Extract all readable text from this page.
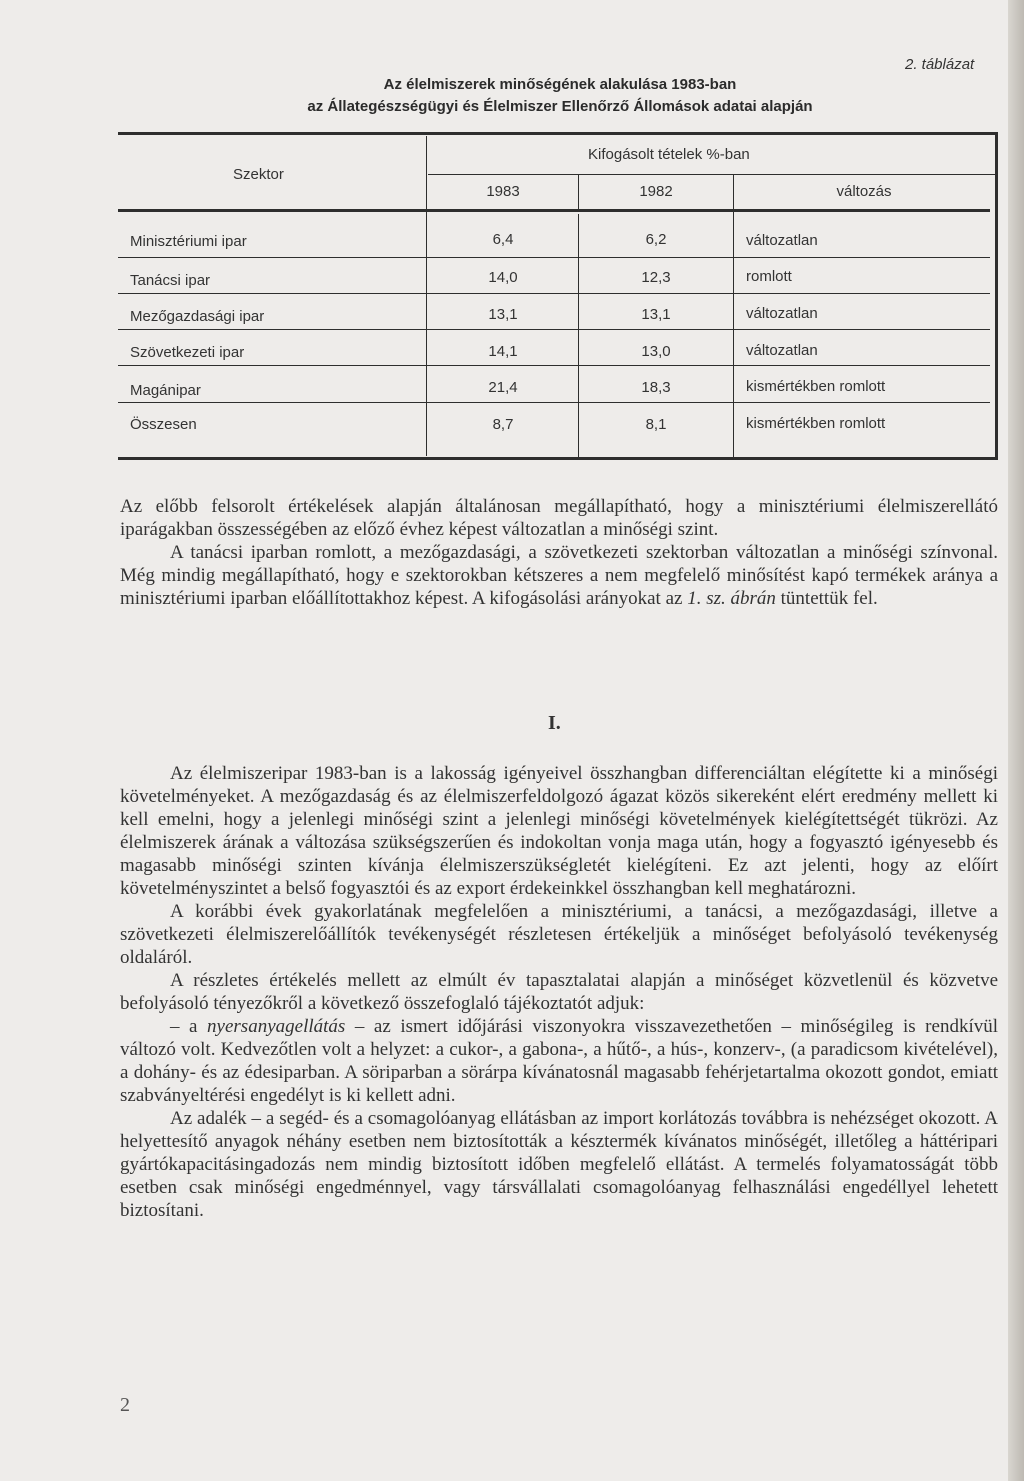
2. táblázat
Az élelmiszerek minőségének alakulása 1983-ban
az Állategészségügyi és Élelmiszer Ellenőrző Állomások adatai alapján
Szektor
Kifogásolt tételek %-ban
1983	1982	változás
Minisztériumi ipar	6,4	6,2	változatlan
Tanácsi ipar	14,0	12,3	romlott
Mezőgazdasági ipar	13,1	13,1	változatlan
Szövetkezeti ipar	14,1	13,0	változatlan
Magánipar	21,4	18,3	kismértékben romlott
Összesen	8,7	8,1	kismértékben romlott

Az előbb felsorolt értékelések alapján általánosan megállapítható, hogy a minisztériumi élelmiszerellátó iparágakban összességében az előző évhez képest változatlan a minőségi szint.

A tanácsi iparban romlott, a mezőgazdasági, a szövetkezeti szektorban változatlan a minőségi színvonal. Még mindig megállapítható, hogy e szektorokban kétszeres a nem megfelelő minősítést kapó termékek aránya a minisztériumi iparban előállítottakhoz képest. A kifogásolási arányokat az 1. sz. ábrán tüntettük fel.

I.

Az élelmiszeripar 1983-ban is a lakosság igényeivel összhangban differenciáltan elégítette ki a minőségi követelményeket. A mezőgazdaság és az élelmiszerfeldolgozó ágazat közös sikereként elért eredmény mellett ki kell emelni, hogy a jelenlegi minőségi szint a jelenlegi minőségi követelmények kielégítettségét tükrözi. Az élelmiszerek árának a változása szükségszerűen és indokoltan vonja maga után, hogy a fogyasztó igényesebb és magasabb minőségi szinten kívánja élelmiszerszükségletét kielégíteni. Ez azt jelenti, hogy az előírt követelményszintet a belső fogyasztói és az export érdekeinkkel összhangban kell meghatározni.

A korábbi évek gyakorlatának megfelelően a minisztériumi, a tanácsi, a mezőgazdasági, illetve a szövetkezeti élelmiszerelőállítók tevékenységét részletesen értékeljük a minőséget befolyásoló tevékenység oldaláról.

A részletes értékelés mellett az elmúlt év tapasztalatai alapján a minőséget közvetlenül és közvetve befolyásoló tényezőkről a következő összefoglaló tájékoztatót adjuk:

– a nyersanyagellátás – az ismert időjárási viszonyokra visszavezethetően – minőségileg is rendkívül változó volt. Kedvezőtlen volt a helyzet: a cukor-, a gabona-, a hűtő-, a hús-, konzerv-, (a paradicsom kivételével), a dohány- és az édesiparban. A söriparban a sörárpa kívánatosnál magasabb fehérjetartalma okozott gondot, emiatt szabványeltérési engedélyt is ki kellett adni.

Az adalék – a segéd- és a csomagolóanyag ellátásban az import korlátozás továbbra is nehézséget okozott. A helyettesítő anyagok néhány esetben nem biztosították a késztermék kívánatos minőségét, illetőleg a háttéripari gyártókapacitásingadozás nem mindig biztosított időben megfelelő ellátást. A termelés folyamatosságát több esetben csak minőségi engedménnyel, vagy társvállalati csomagolóanyag felhasználási engedéllyel lehetett biztosítani.

2
